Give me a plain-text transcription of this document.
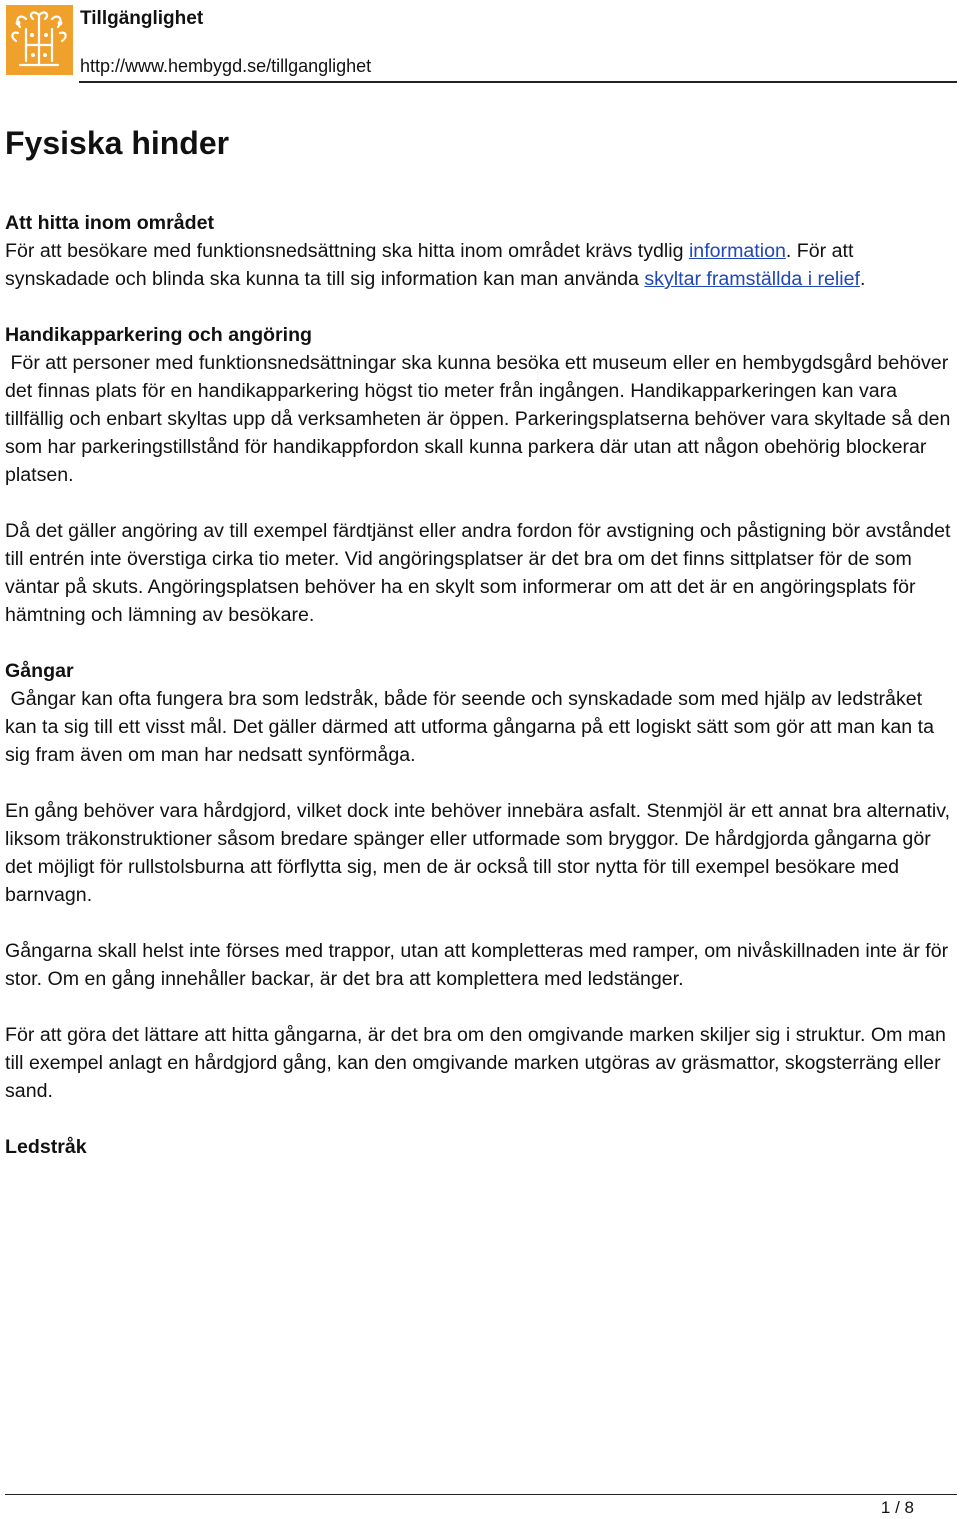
Tillgänglighet
http://www.hembygd.se/tillganglighet
Fysiska hinder
Att hitta inom området

För att besökare med funktionsnedsättning ska hitta inom området krävs tydlig information. För att synskadade och blinda ska kunna ta till sig information kan man använda skyltar framställda i relief.

Handikapparkering och angöring

För att personer med funktionsnedsättningar ska kunna besöka ett museum eller en hembygdsgård behöver det finnas plats för en handikapparkering högst tio meter från ingången. Handikapparkeringen kan vara tillfällig och enbart skyltas upp då verksamheten är öppen. Parkeringsplatserna behöver vara skyltade så den som har parkeringstillstånd för handikappfordon skall kunna parkera där utan att någon obehörig blockerar platsen.

Då det gäller angöring av till exempel färdtjänst eller andra fordon för avstigning och påstigning bör avståndet till entrén inte överstiga cirka tio meter. Vid angöringsplatser är det bra om det finns sittplatser för de som väntar på skuts. Angöringsplatsen behöver ha en skylt som informerar om att det är en angöringsplats för hämtning och lämning av besökare.

Gångar

Gångar kan ofta fungera bra som ledstråk, både för seende och synskadade som med hjälp av ledstråket kan ta sig till ett visst mål. Det gäller därmed att utforma gångarna på ett logiskt sätt som gör att man kan ta sig fram även om man har nedsatt synförmåga.

En gång behöver vara hårdgjord, vilket dock inte behöver innebära asfalt. Stenmjöl är ett annat bra alternativ, liksom träkonstruktioner såsom bredare spänger eller utformade som bryggor. De hårdgjorda gångarna gör det möjligt för rullstolsburna att förflytta sig, men de är också till stor nytta för till exempel besökare med barnvagn.

Gångarna skall helst inte förses med trappor, utan att kompletteras med ramper, om nivåskillnaden inte är för stor. Om en gång innehåller backar, är det bra att komplettera med ledstänger.

För att göra det lättare att hitta gångarna, är det bra om den omgivande marken skiljer sig i struktur. Om man till exempel anlagt en hårdgjord gång, kan den omgivande marken utgöras av gräsmattor, skogsterräng eller sand.

Ledstråk
1 / 8
